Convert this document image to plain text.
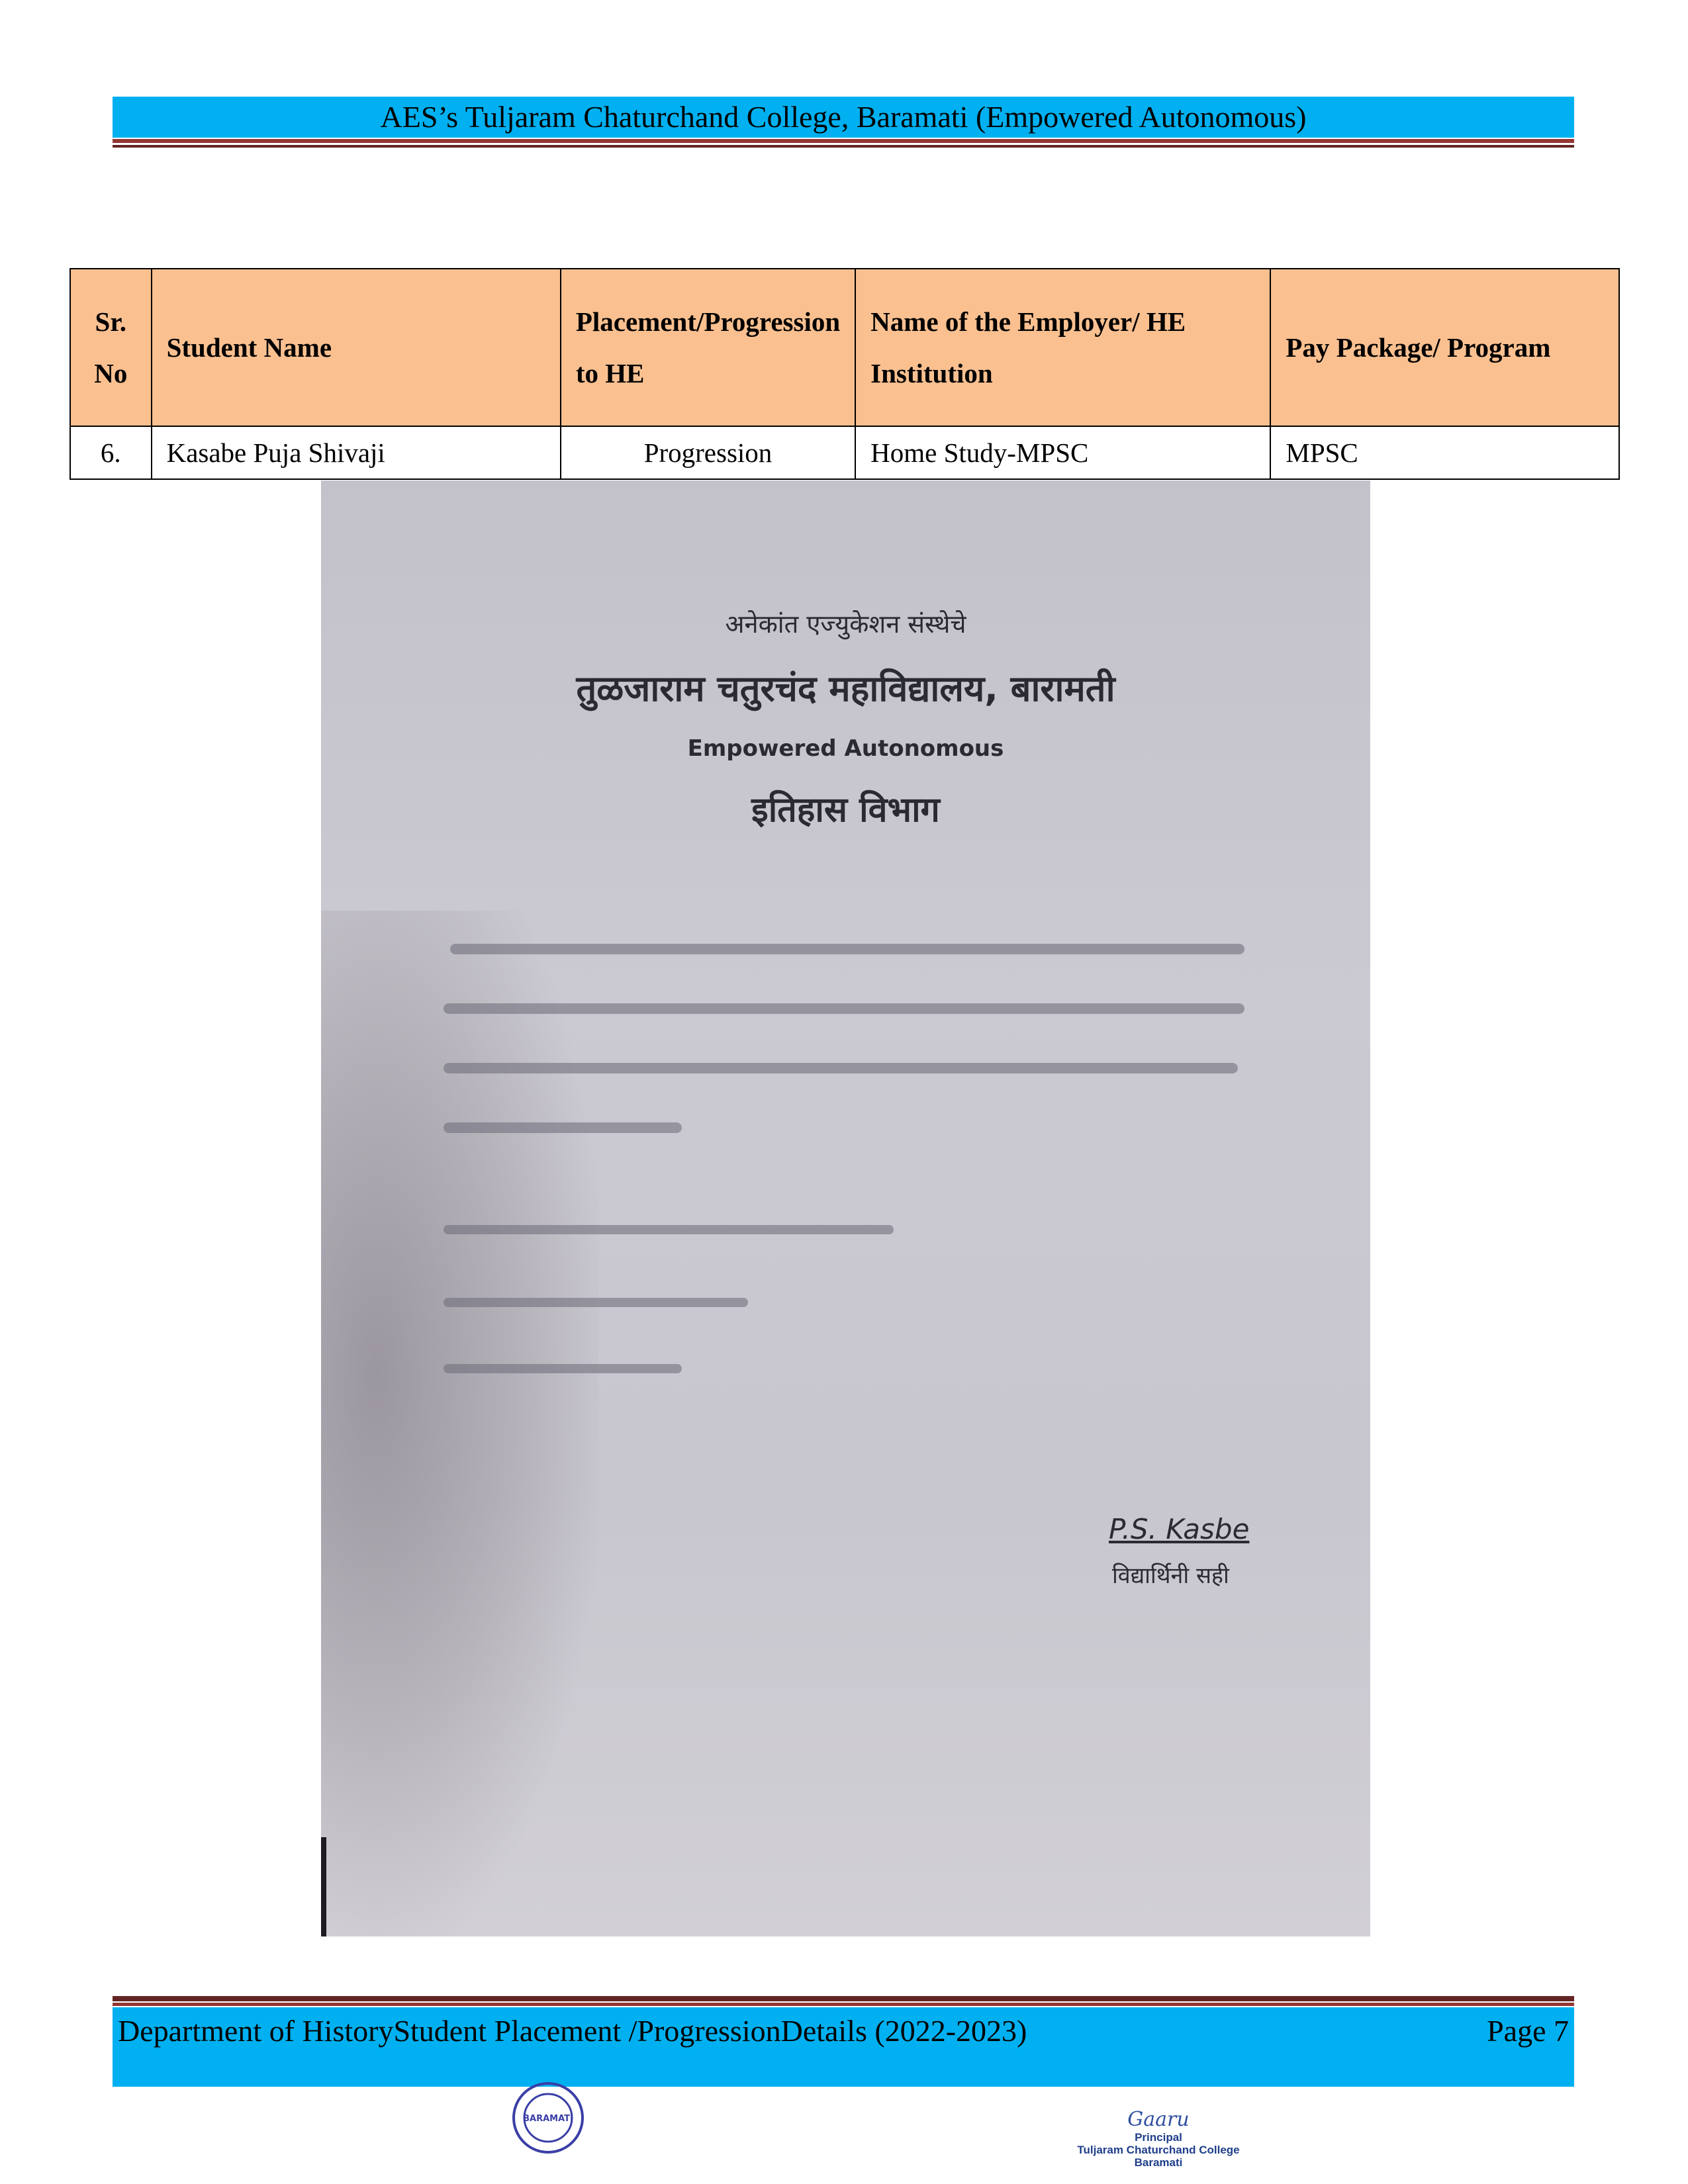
AES’s Tuljaram Chaturchand College, Baramati (Empowered Autonomous)
Sr. No	Student Name	Placement/Progression to HE	Name of the Employer/ HE Institution	Pay Package/ Program
6.	Kasabe Puja Shivaji	Progression	Home Study-MPSC	MPSC
अनेकांत एज्युकेशन संस्थेचे
तुळजाराम चतुरचंद महाविद्यालय, बारामती
Empowered Autonomous
इतिहास विभाग
P.S. Kasbe
विद्यार्थिनी सही
Department of HistoryStudent Placement /ProgressionDetails (2022-2023)	Page 7
BARAMATI	Gaaru
Principal
Tuljaram Chaturchand College
Baramati
